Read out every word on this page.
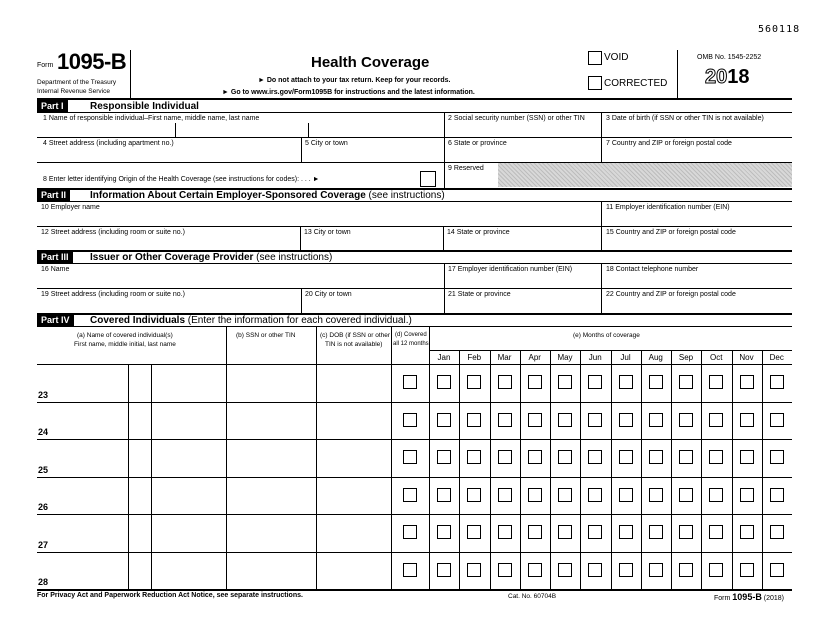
560118
Form 1095-B
Department of the Treasury
Internal Revenue Service
Health Coverage
► Do not attach to your tax return. Keep for your records.
► Go to www.irs.gov/Form1095B for instructions and the latest information.
VOID
CORRECTED
OMB No. 1545-2252
2018
Part I	Responsible Individual
1 Name of responsible individual–First name, middle name, last name	2 Social security number (SSN) or other TIN	3 Date of birth (if SSN or other TIN is not available)
4 Street address (including apartment no.)	5 City or town	6 State or province	7 Country and ZIP or foreign postal code
8 Enter letter identifying Origin of the Health Coverage (see instructions for codes): . . . ►
9 Reserved
Part II	Information About Certain Employer-Sponsored Coverage (see instructions)
10 Employer name	11 Employer identification number (EIN)
12 Street address (including room or suite no.)	13 City or town	14 State or province	15 Country and ZIP or foreign postal code
Part III	Issuer or Other Coverage Provider (see instructions)
16 Name	17 Employer identification number (EIN)	18 Contact telephone number
19 Street address (including room or suite no.)	20 City or town	21 State or province	22 Country and ZIP or foreign postal code
Part IV	Covered Individuals (Enter the information for each covered individual.)
(a) Name of covered individual(s)
First name, middle initial, last name
(b) SSN or other TIN	(c) DOB (if SSN or other
TIN is not available)
(d) Covered
all 12 months
(e) Months of coverage
Jan	Feb	Mar	Apr	May	Jun	Jul	Aug	Sep	Oct	Nov	Dec
23
24
25
26
27
28
For Privacy Act and Paperwork Reduction Act Notice, see separate instructions.	Cat. No. 60704B	Form 1095-B (2018)
